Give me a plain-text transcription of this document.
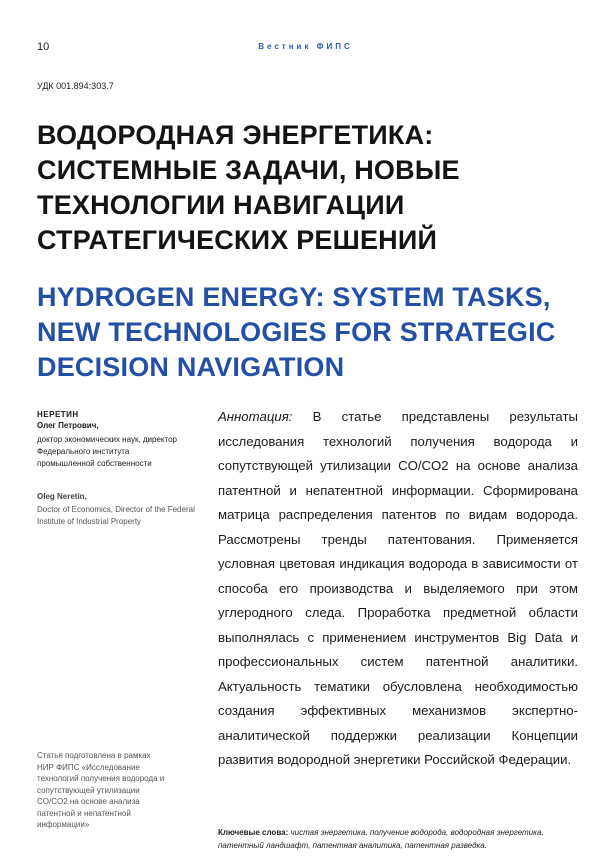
10	Вестник ФИПС
УДК 001.894:303.7
ВОДОРОДНАЯ ЭНЕРГЕТИКА: СИСТЕМНЫЕ ЗАДАЧИ, НОВЫЕ ТЕХНОЛОГИИ НАВИГАЦИИ СТРАТЕГИЧЕСКИХ РЕШЕНИЙ
HYDROGEN ENERGY: SYSTEM TASKS, NEW TECHNOLOGIES FOR STRATEGIC DECISION NAVIGATION
НЕРЕТИН
Олег Петрович,
доктор экономических наук, директор Федерального института промышленной собственности
Oleg Neretin,
Doctor of Economics, Director of the Federal Institute of Industrial Property
Статья подготовлена в рамках НИР ФИПС «Исследование технологий получения водорода и сопутствующей утилизации CO/CO2 на основе анализа патентной и непатентной информации»

Аннотация: В статье представлены результаты исследования технологий получения водорода и сопутствующей утилизации CO/CO2 на основе анализа патентной и непатентной информации. Сформирована матрица распределения патентов по видам водорода. Рассмотрены тренды патентования. Применяется условная цветовая индикация водорода в зависимости от способа его производства и выделяемого при этом углеродного следа. Проработка предметной области выполнялась с применением инструментов Big Data и профессиональных систем патентной аналитики. Актуальность тематики обусловлена необходимостью создания эффективных механизмов экспертно-аналитической поддержки реализации Концепции развития водородной энергетики Российской Федерации.

Ключевые слова: чистая энергетика, получение водорода, водородная энергетика, патентный ландшафт, патентная аналитика, патентная разведка.
